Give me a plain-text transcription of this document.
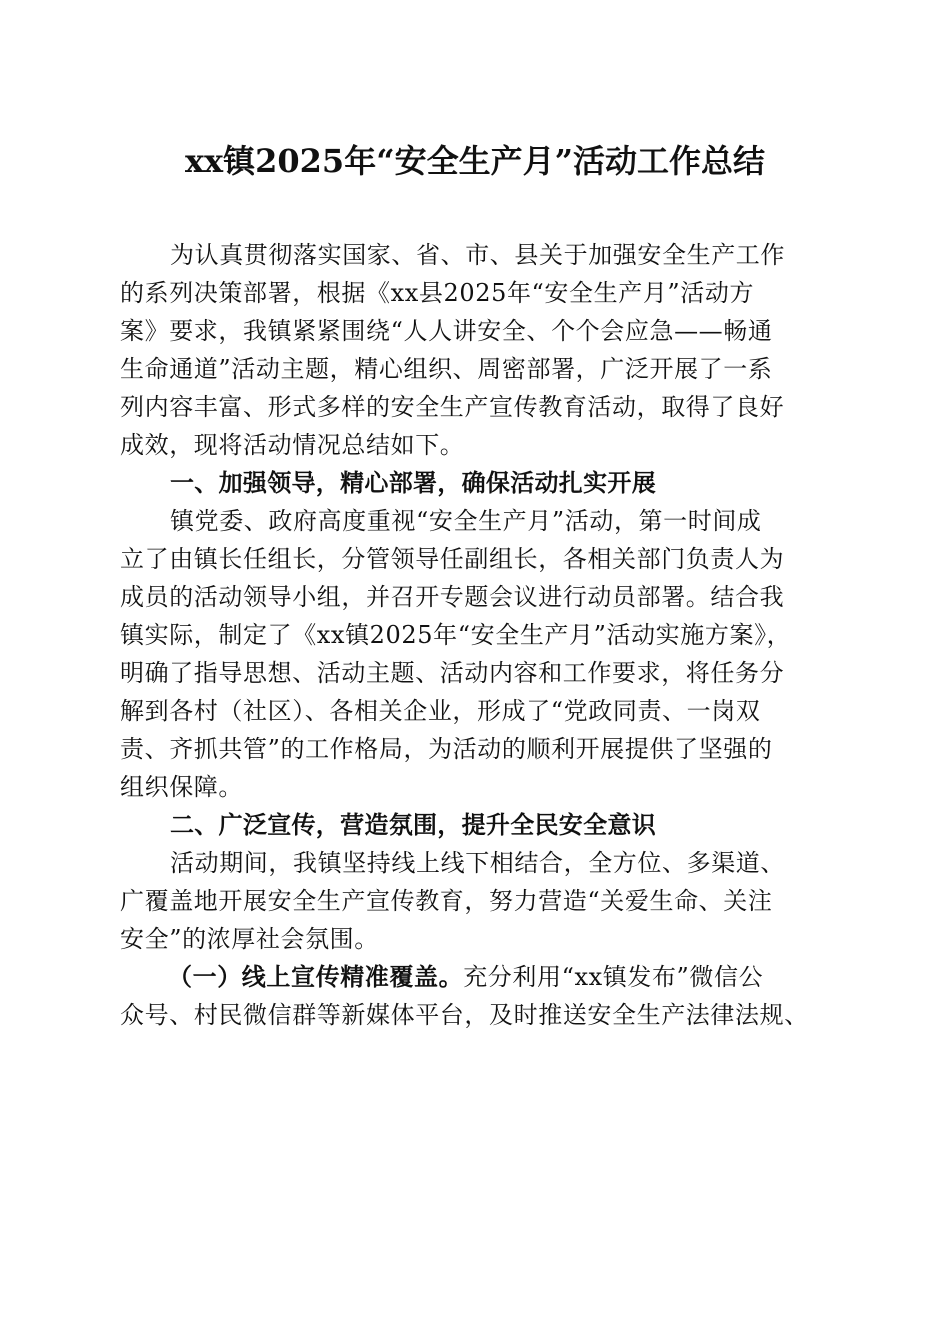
xx镇2025年“安全生产月”活动工作总结
为认真贯彻落实国家、省、市、县关于加强安全生产工作
的系列决策部署，根据《xx县2025年“安全生产月”活动方
案》要求，我镇紧紧围绕“人人讲安全、个个会应急——畅通
生命通道”活动主题，精心组织、周密部署，广泛开展了一系
列内容丰富、形式多样的安全生产宣传教育活动，取得了良好
成效，现将活动情况总结如下。
一、加强领导，精心部署，确保活动扎实开展
镇党委、政府高度重视“安全生产月”活动，第一时间成
立了由镇长任组长，分管领导任副组长，各相关部门负责人为
成员的活动领导小组，并召开专题会议进行动员部署。结合我
镇实际，制定了《xx镇2025年“安全生产月”活动实施方案》，
明确了指导思想、活动主题、活动内容和工作要求，将任务分
解到各村（社区）、各相关企业，形成了“党政同责、一岗双
责、齐抓共管”的工作格局，为活动的顺利开展提供了坚强的
组织保障。
二、广泛宣传，营造氛围，提升全民安全意识
活动期间，我镇坚持线上线下相结合，全方位、多渠道、
广覆盖地开展安全生产宣传教育，努力营造“关爱生命、关注
安全”的浓厚社会氛围。
（一）线上宣传精准覆盖。充分利用“xx镇发布”微信公
众号、村民微信群等新媒体平台，及时推送安全生产法律法规、
